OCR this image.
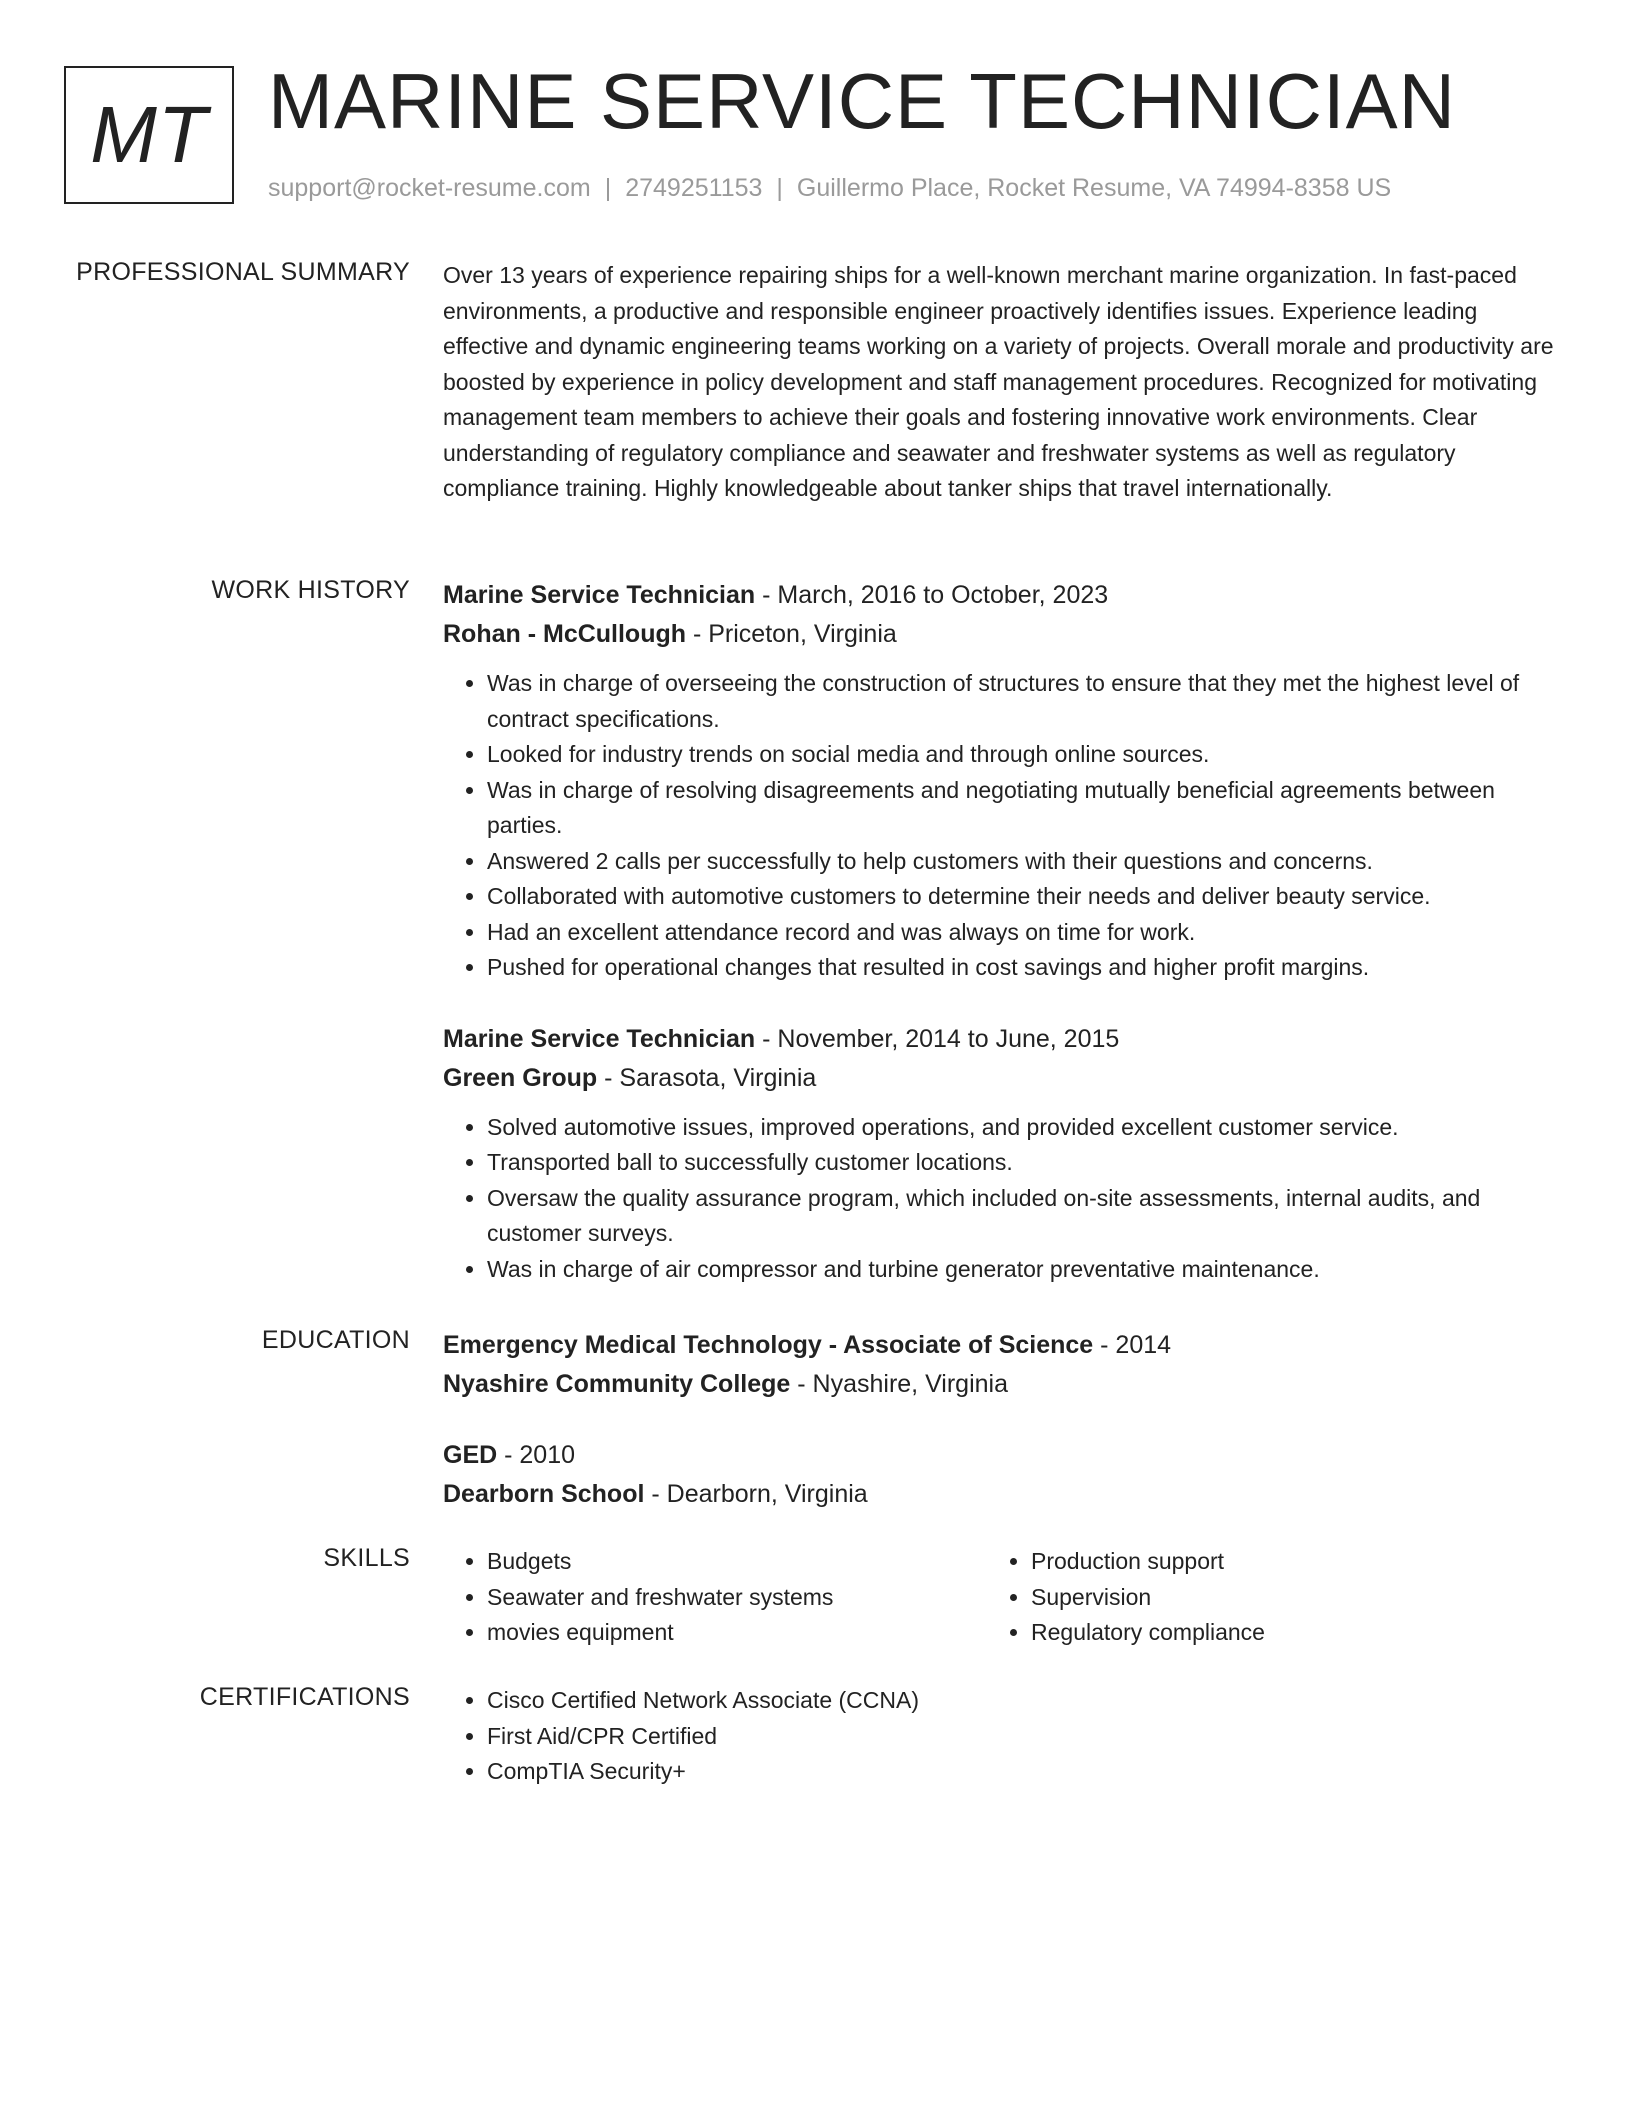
MT MARINE SERVICE TECHNICIAN
support@rocket-resume.com | 2749251153 | Guillermo Place, Rocket Resume, VA 74994-8358 US
PROFESSIONAL SUMMARY Over 13 years of experience repairing ships for a well-known merchant marine organization. In fast-paced environments, a productive and responsible engineer proactively identifies issues. Experience leading effective and dynamic engineering teams working on a variety of projects. Overall morale and productivity are boosted by experience in policy development and staff management procedures. Recognized for motivating management team members to achieve their goals and fostering innovative work environments. Clear understanding of regulatory compliance and seawater and freshwater systems as well as regulatory compliance training. Highly knowledgeable about tanker ships that travel internationally.
WORK HISTORY Marine Service Technician - March, 2016 to October, 2023
Rohan - McCullough - Priceton, Virginia
• Was in charge of overseeing the construction of structures to ensure that they met the highest level of contract specifications.
• Looked for industry trends on social media and through online sources.
• Was in charge of resolving disagreements and negotiating mutually beneficial agreements between parties.
• Answered 2 calls per successfully to help customers with their questions and concerns.
• Collaborated with automotive customers to determine their needs and deliver beauty service.
• Had an excellent attendance record and was always on time for work.
• Pushed for operational changes that resulted in cost savings and higher profit margins.
Marine Service Technician - November, 2014 to June, 2015
Green Group - Sarasota, Virginia
• Solved automotive issues, improved operations, and provided excellent customer service.
• Transported ball to successfully customer locations.
• Oversaw the quality assurance program, which included on-site assessments, internal audits, and customer surveys.
• Was in charge of air compressor and turbine generator preventative maintenance.
EDUCATION Emergency Medical Technology - Associate of Science - 2014
Nyashire Community College - Nyashire, Virginia
GED - 2010
Dearborn School - Dearborn, Virginia
SKILLS	• Budgets
• Seawater and freshwater systems
• movies equipment
• Production support
• Supervision
• Regulatory compliance
CERTIFICATIONS	• Cisco Certified Network Associate (CCNA)
• First Aid/CPR Certified
• CompTIA Security+
